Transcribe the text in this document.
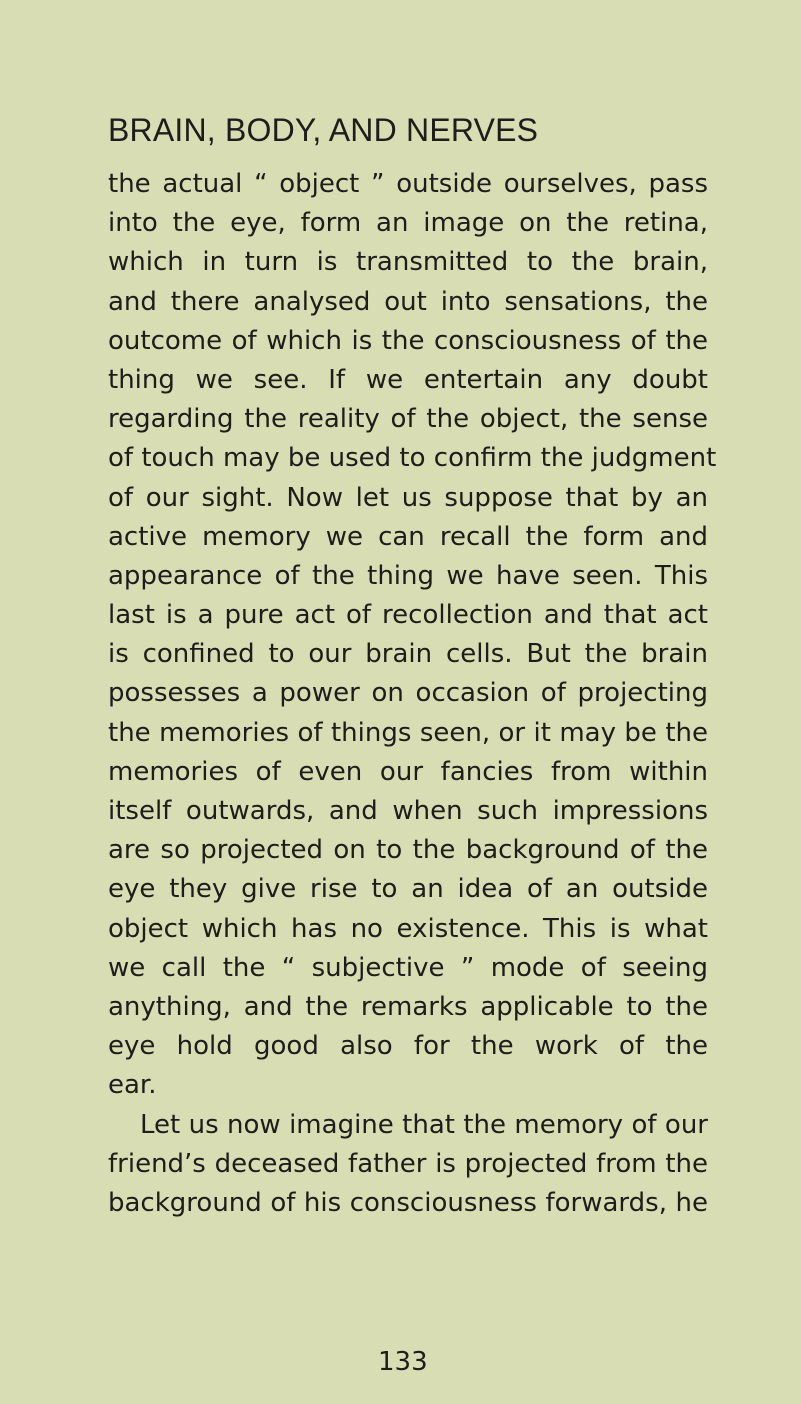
BRAIN, BODY, AND NERVES
the actual “ object ” outside ourselves, pass
into the eye, form an image on the retina,
which in turn is transmitted to the brain,
and there analysed out into sensations, the
outcome of which is the consciousness of the
thing we see. If we entertain any doubt
regarding the reality of the object, the sense
of touch may be used to confirm the judgment
of our sight. Now let us suppose that by an
active memory we can recall the form and
appearance of the thing we have seen. This
last is a pure act of recollection and that act
is confined to our brain cells. But the brain
possesses a power on occasion of projecting
the memories of things seen, or it may be the
memories of even our fancies from within
itself outwards, and when such impressions
are so projected on to the background of the
eye they give rise to an idea of an outside
object which has no existence. This is what
we call the “ subjective ” mode of seeing
anything, and the remarks applicable to the
eye hold good also for the work of the
ear.
Let us now imagine that the memory of our
friend’s deceased father is projected from the
background of his consciousness forwards, he
133
